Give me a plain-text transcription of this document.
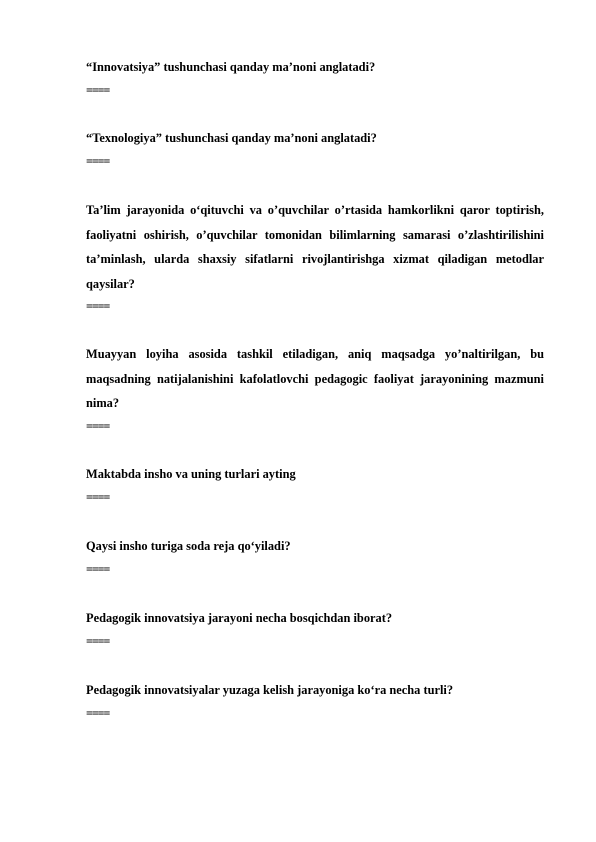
“Innovatsiya” tushunchasi qanday ma’noni anglatadi?

====

“Texnologiya” tushunchasi qanday ma’noni anglatadi?

====

Ta’lim jarayonida o‘qituvchi va o’quvchilar o’rtasida hamkorlikni qaror toptirish, faoliyatni oshirish, o’quvchilar tomonidan bilimlarning samarasi o’zlashtirilishini ta’minlash, ularda shaxsiy sifatlarni rivojlantirishga xizmat qiladigan metodlar qaysilar?

====

Muayyan loyiha asosida tashkil etiladigan, aniq maqsadga yo’naltirilgan, bu maqsadning natijalanishini kafolatlovchi pedagogic faoliyat jarayonining mazmuni nima?

====

Maktabda insho va uning turlari ayting

====

Qaysi insho turiga soda reja qo‘yiladi?

====

Pedagogik innovatsiya jarayoni necha bosqichdan iborat?

====

Pedagogik innovatsiyalar yuzaga kelish jarayoniga ko‘ra necha turli?

====
